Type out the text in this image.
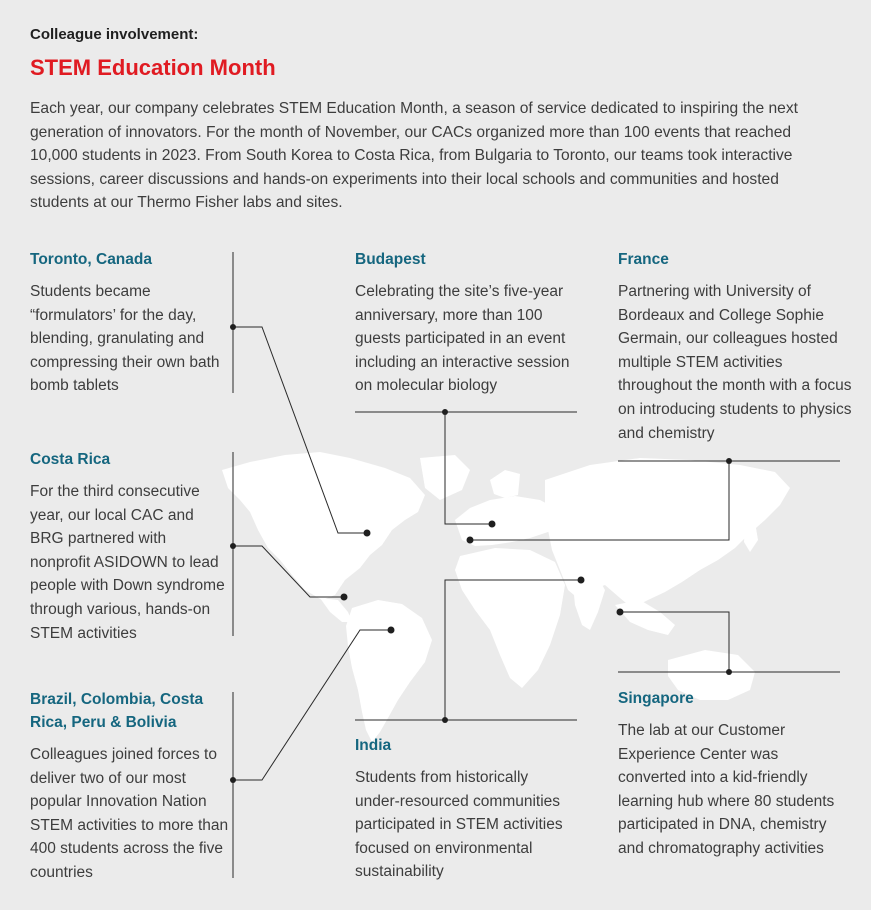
Colleague involvement:
STEM Education Month
Each year, our company celebrates STEM Education Month, a season of service dedicated to inspiring the next generation of innovators. For the month of November, our CACs organized more than 100 events that reached 10,000 students in 2023. From South Korea to Costa Rica, from Bulgaria to Toronto, our teams took interactive sessions, career discussions and hands-on experiments into their local schools and communities and hosted students at our Thermo Fisher labs and sites.
Toronto, Canada

Students became “formulators’ for the day, blending, granulating and compressing their own bath bomb tablets

Costa Rica

For the third consecutive year, our local CAC and BRG partnered with nonprofit ASIDOWN to lead people with Down syndrome through various, hands-on STEM activities

Brazil, Colombia, Costa Rica, Peru & Bolivia

Colleagues joined forces to deliver two of our most popular Innovation Nation STEM activities to more than 400 students across the five countries

Budapest

Celebrating the site’s five-year anniversary, more than 100 guests participated in an event including an interactive session on molecular biology

India

Students from historically under-resourced communities participated in STEM activities focused on environmental sustainability

France

Partnering with University of Bordeaux and College Sophie Germain, our colleagues hosted multiple STEM activities throughout the month with a focus on introducing students to physics and chemistry

Singapore

The lab at our Customer Experience Center was converted into a kid-friendly learning hub where 80 students participated in DNA, chemistry and chromatography activities
